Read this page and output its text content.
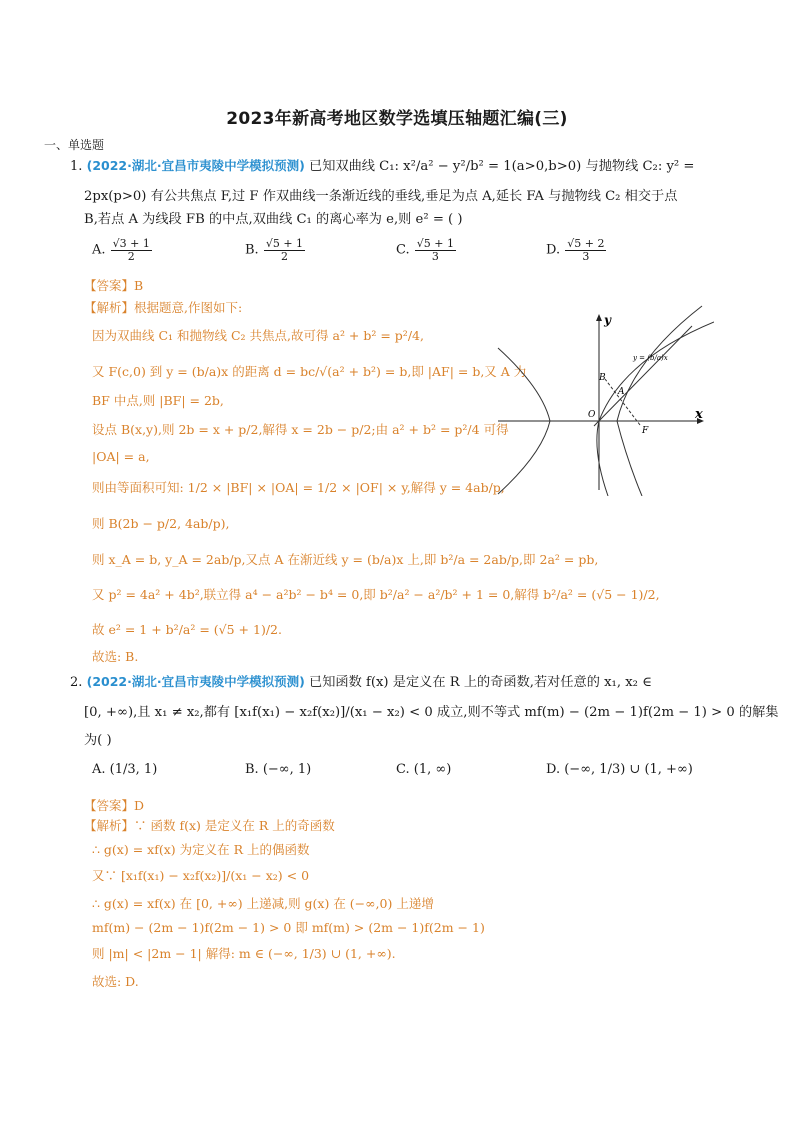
2023年新高考地区数学选填压轴题汇编(三)
一、单选题
1. (2022·湖北·宜昌市夷陵中学模拟预测) 已知双曲线 C₁: x²/a² − y²/b² = 1(a>0,b>0) 与抛物线 C₂: y² =
2px(p>0) 有公共焦点 F,过 F 作双曲线一条渐近线的垂线,垂足为点 A,延长 FA 与抛物线 C₂ 相交于点
B,若点 A 为线段 FB 的中点,双曲线 C₁ 的离心率为 e,则 e² = ( )
A. $\frac{√3 + 1}{2}$	B. $\frac{√5 + 1}{2}$	C. $\frac{√5 + 1}{3}$	D. $\frac{√5 + 2}{3}$
【答案】B
【解析】根据题意,作图如下:
因为双曲线 C₁ 和抛物线 C₂ 共焦点,故可得 a² + b² = p²/4,
又 F(c,0) 到 y = (b/a)x 的距离 d = bc/√(a² + b²) = b,即 |AF| = b,又 A 为
BF 中点,则 |BF| = 2b,
设点 B(x,y),则 2b = x + p/2,解得 x = 2b − p/2;由 a² + b² = p²/4 可得
|OA| = a,
则由等面积可知: 1/2 × |BF| × |OA| = 1/2 × |OF| × y,解得 y = 4ab/p,
则 B(2b − p/2, 4ab/p),
则 x_A = b, y_A = 2ab/p,又点 A 在渐近线 y = (b/a)x 上,即 b²/a = 2ab/p,即 2a² = pb,
又 p² = 4a² + 4b²,联立得 a⁴ − a²b² − b⁴ = 0,即 b²/a² − a²/b² + 1 = 0,解得 b²/a² = (√5 − 1)/2,
故 e² = 1 + b²/a² = (√5 + 1)/2.
故选: B.
x
y
O
A
B
F
y = (b/a)x
2. (2022·湖北·宜昌市夷陵中学模拟预测) 已知函数 f(x) 是定义在 R 上的奇函数,若对任意的 x₁, x₂ ∈
[0, +∞),且 x₁ ≠ x₂,都有 [x₁f(x₁) − x₂f(x₂)]/(x₁ − x₂) < 0 成立,则不等式 mf(m) − (2m − 1)f(2m − 1) > 0 的解集
为( )
A. (1/3, 1)	B. (−∞, 1)	C. (1, ∞)	D. (−∞, 1/3) ∪ (1, +∞)
【答案】D
【解析】∵ 函数 f(x) 是定义在 R 上的奇函数
∴ g(x) = xf(x) 为定义在 R 上的偶函数
又∵ [x₁f(x₁) − x₂f(x₂)]/(x₁ − x₂) < 0
∴ g(x) = xf(x) 在 [0, +∞) 上递减,则 g(x) 在 (−∞,0) 上递增
mf(m) − (2m − 1)f(2m − 1) > 0 即 mf(m) > (2m − 1)f(2m − 1)
则 |m| < |2m − 1| 解得: m ∈ (−∞, 1/3) ∪ (1, +∞).
故选: D.
